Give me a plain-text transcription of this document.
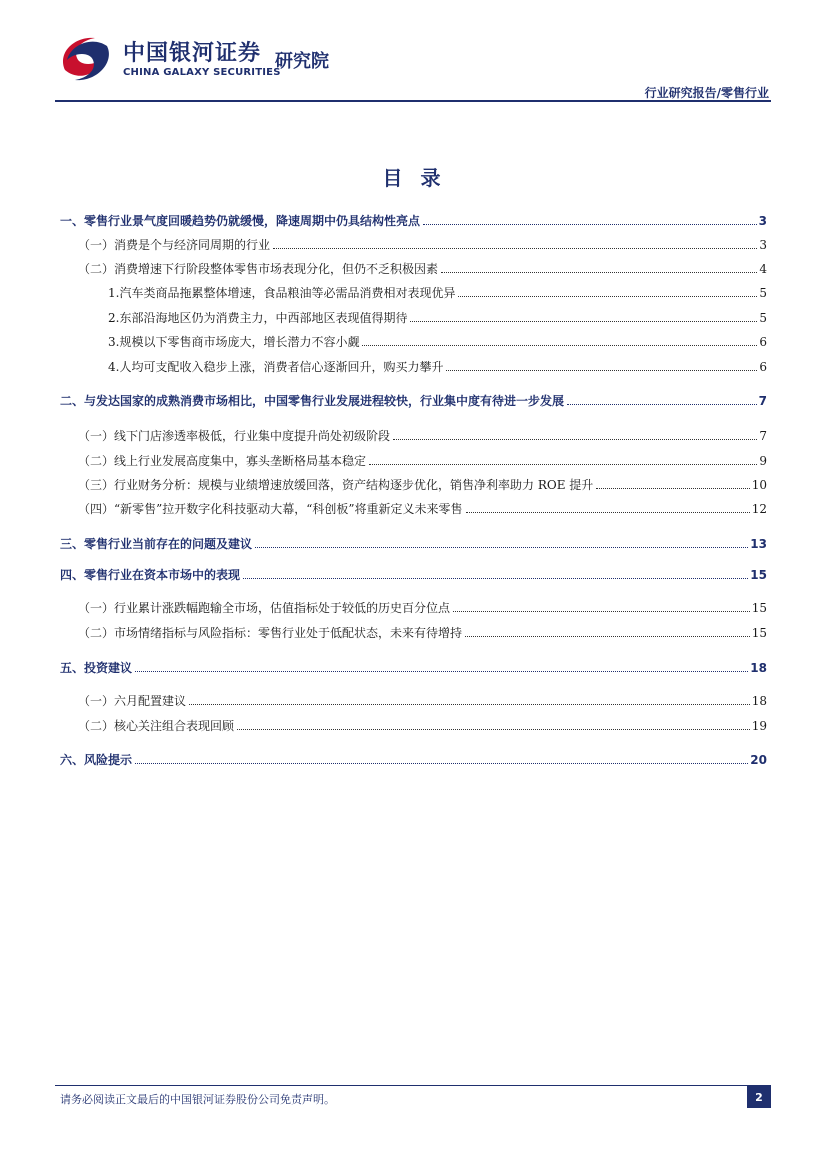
中国银河证券
CHINA GALAXY SECURITIES
研究院
行业研究报告/零售行业
目录
一、零售行业景气度回暖趋势仍就缓慢，降速周期中仍具结构性亮点	3
（一）消费是个与经济同周期的行业	3
（二）消费增速下行阶段整体零售市场表现分化，但仍不乏积极因素	4
1.汽车类商品拖累整体增速，食品粮油等必需品消费相对表现优异	5
2.东部沿海地区仍为消费主力，中西部地区表现值得期待	5
3.规模以下零售商市场庞大，增长潜力不容小觑	6
4.人均可支配收入稳步上涨，消费者信心逐渐回升，购买力攀升	6
二、与发达国家的成熟消费市场相比，中国零售行业发展进程较快，行业集中度有待进一步发展	7
（一）线下门店渗透率极低，行业集中度提升尚处初级阶段	7
（二）线上行业发展高度集中，寡头垄断格局基本稳定	9
（三）行业财务分析：规模与业绩增速放缓回落，资产结构逐步优化，销售净利率助力 ROE 提升	10
（四）“新零售”拉开数字化科技驱动大幕，“科创板”将重新定义未来零售	12
三、零售行业当前存在的问题及建议	13
四、零售行业在资本市场中的表现	15
（一）行业累计涨跌幅跑输全市场，估值指标处于较低的历史百分位点	15
（二）市场情绪指标与风险指标：零售行业处于低配状态，未来有待增持	15
五、投资建议	18
（一）六月配置建议	18
（二）核心关注组合表现回顾	19
六、风险提示	20
请务必阅读正文最后的中国银河证券股份公司免责声明。	2
